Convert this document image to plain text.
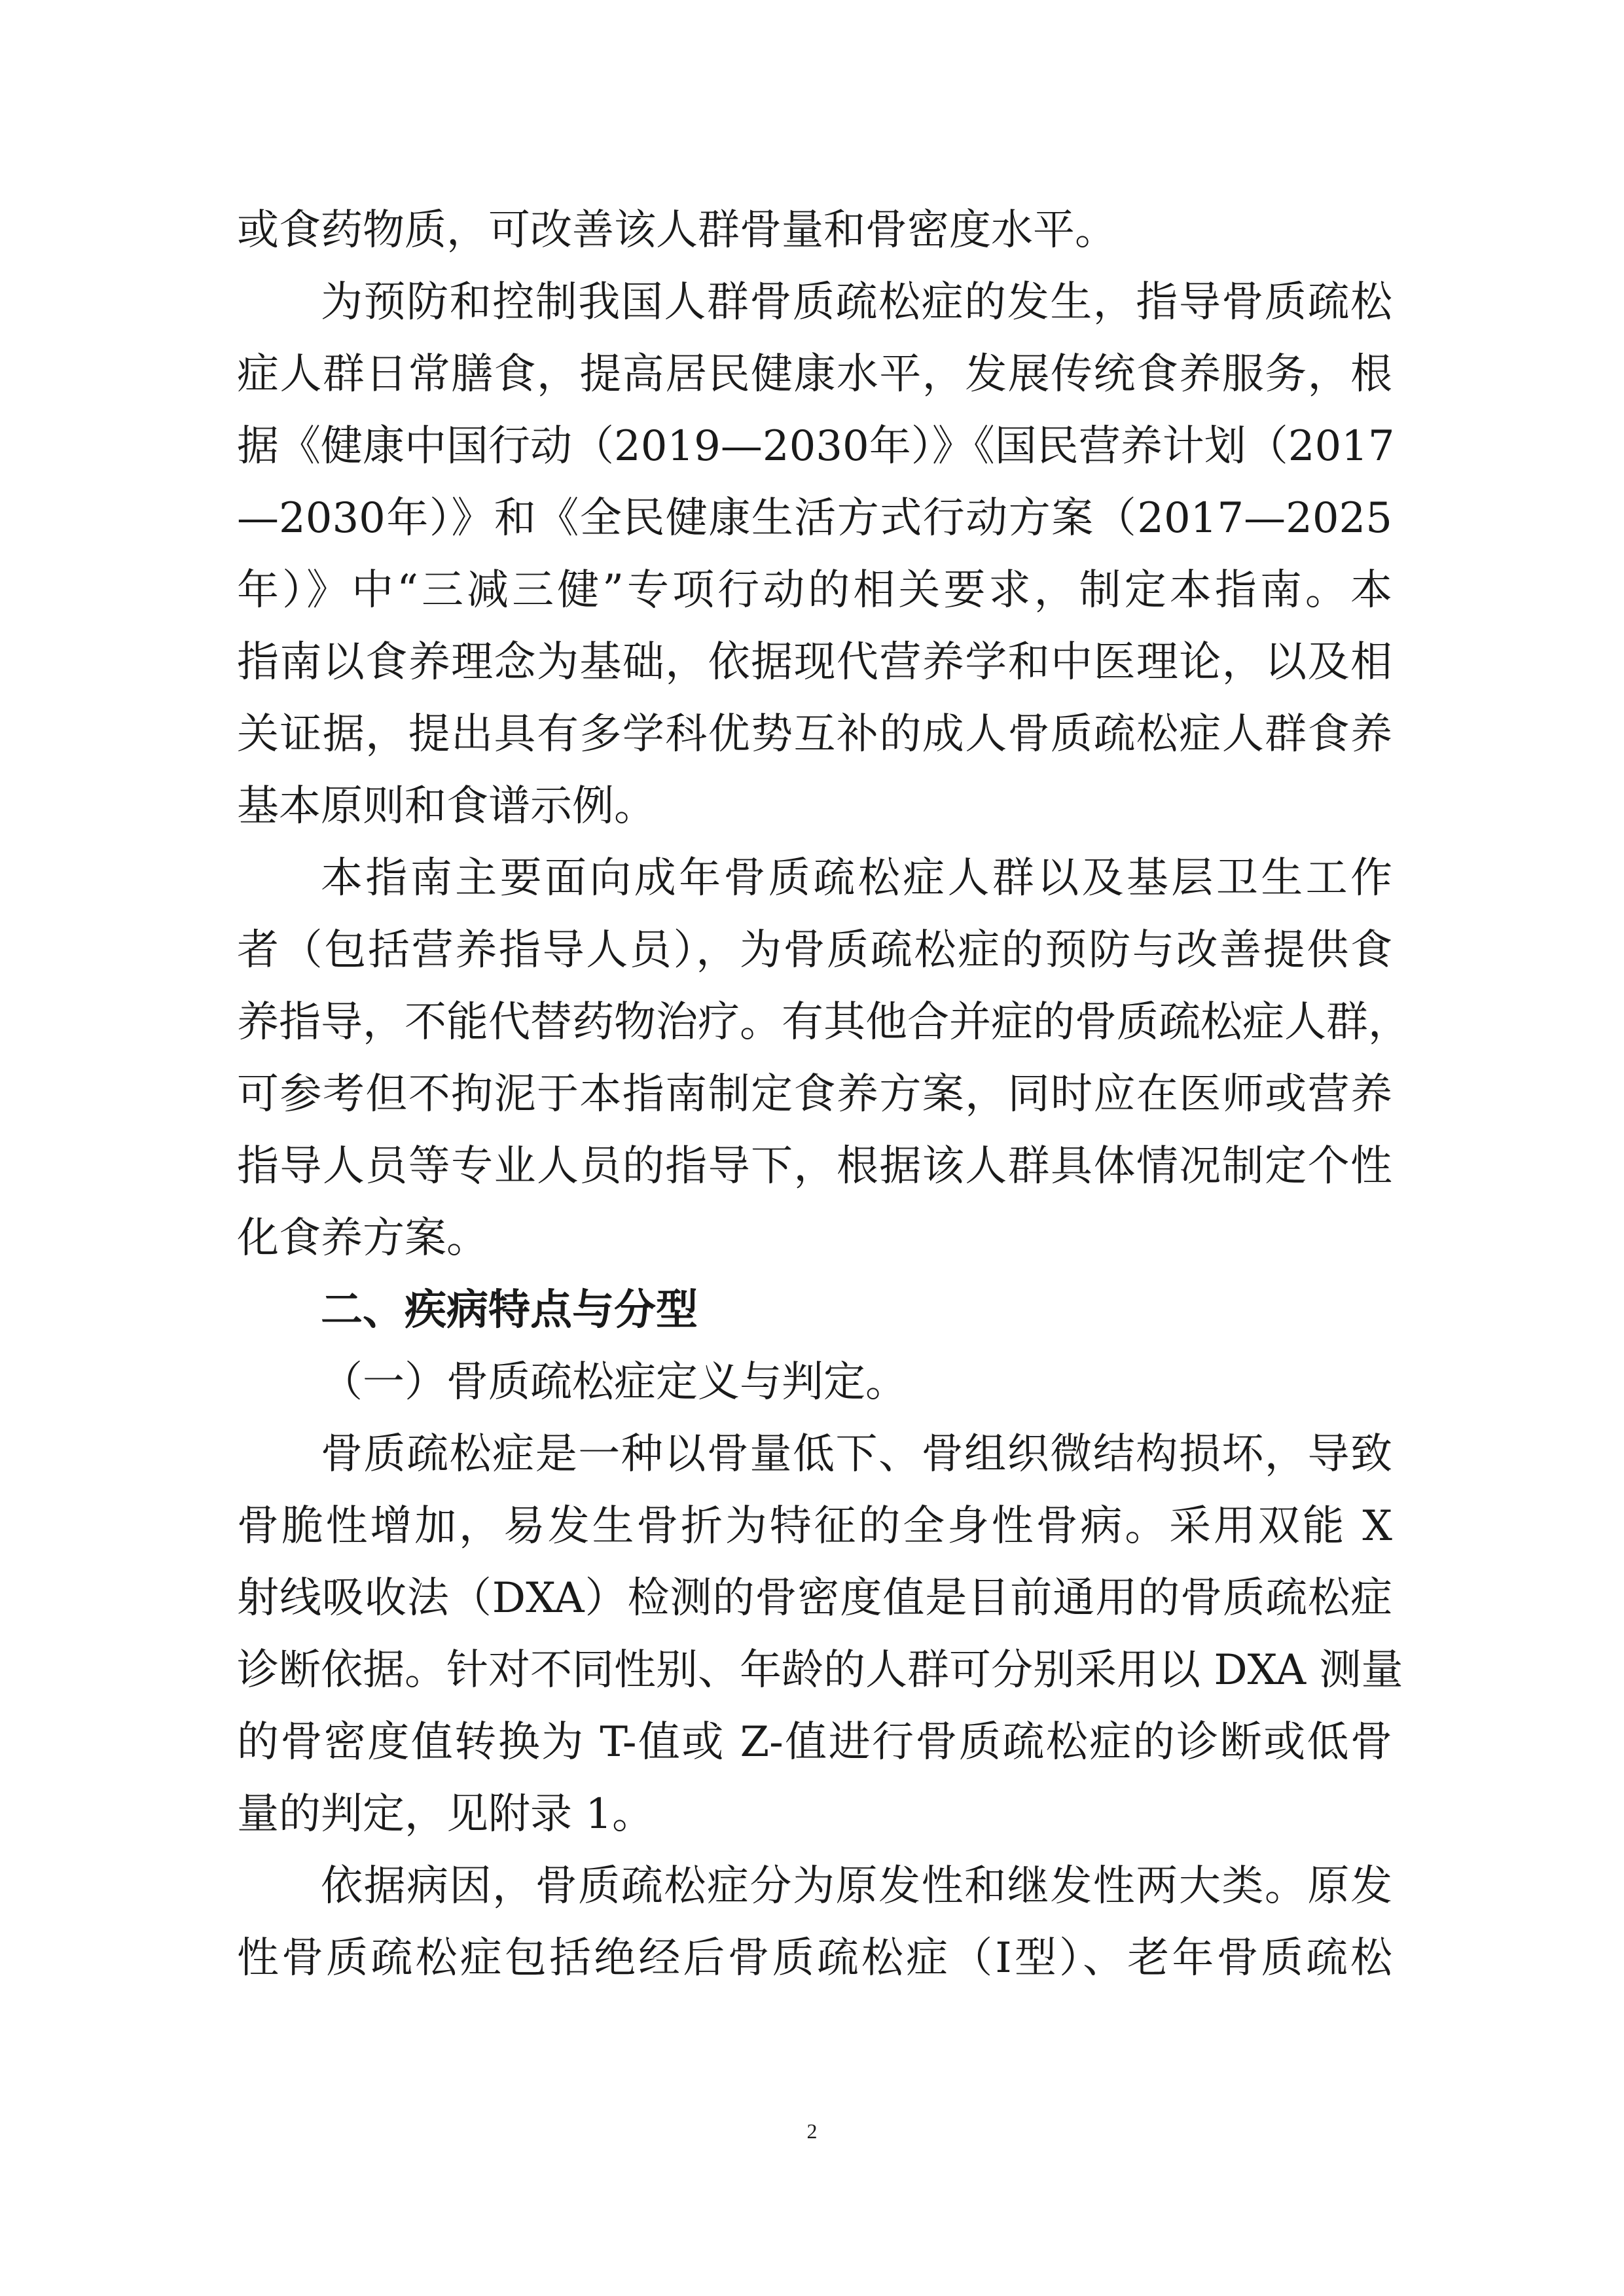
或食药物质，可改善该人群骨量和骨密度水平。
为预防和控制我国人群骨质疏松症的发生，指导骨质疏松
症人群日常膳食，提高居民健康水平，发展传统食养服务，根
据《健康中国行动（2019—2030年）》《国民营养计划（2017
—2030年）》和《全民健康生活方式行动方案（2017—2025
年）》中“三减三健”专项行动的相关要求，制定本指南。本
指南以食养理念为基础，依据现代营养学和中医理论，以及相
关证据，提出具有多学科优势互补的成人骨质疏松症人群食养
基本原则和食谱示例。
本指南主要面向成年骨质疏松症人群以及基层卫生工作
者（包括营养指导人员），为骨质疏松症的预防与改善提供食
养指导，不能代替药物治疗。有其他合并症的骨质疏松症人群，
可参考但不拘泥于本指南制定食养方案，同时应在医师或营养
指导人员等专业人员的指导下，根据该人群具体情况制定个性
化食养方案。
二、疾病特点与分型
（一）骨质疏松症定义与判定。
骨质疏松症是一种以骨量低下、骨组织微结构损坏，导致
骨脆性增加，易发生骨折为特征的全身性骨病。采用双能 X
射线吸收法（DXA）检测的骨密度值是目前通用的骨质疏松症
诊断依据。针对不同性别、年龄的人群可分别采用以 DXA 测量
的骨密度值转换为 T-值或 Z-值进行骨质疏松症的诊断或低骨
量的判定，见附录 1。
依据病因，骨质疏松症分为原发性和继发性两大类。原发
性骨质疏松症包括绝经后骨质疏松症（Ⅰ型）、老年骨质疏松
2
